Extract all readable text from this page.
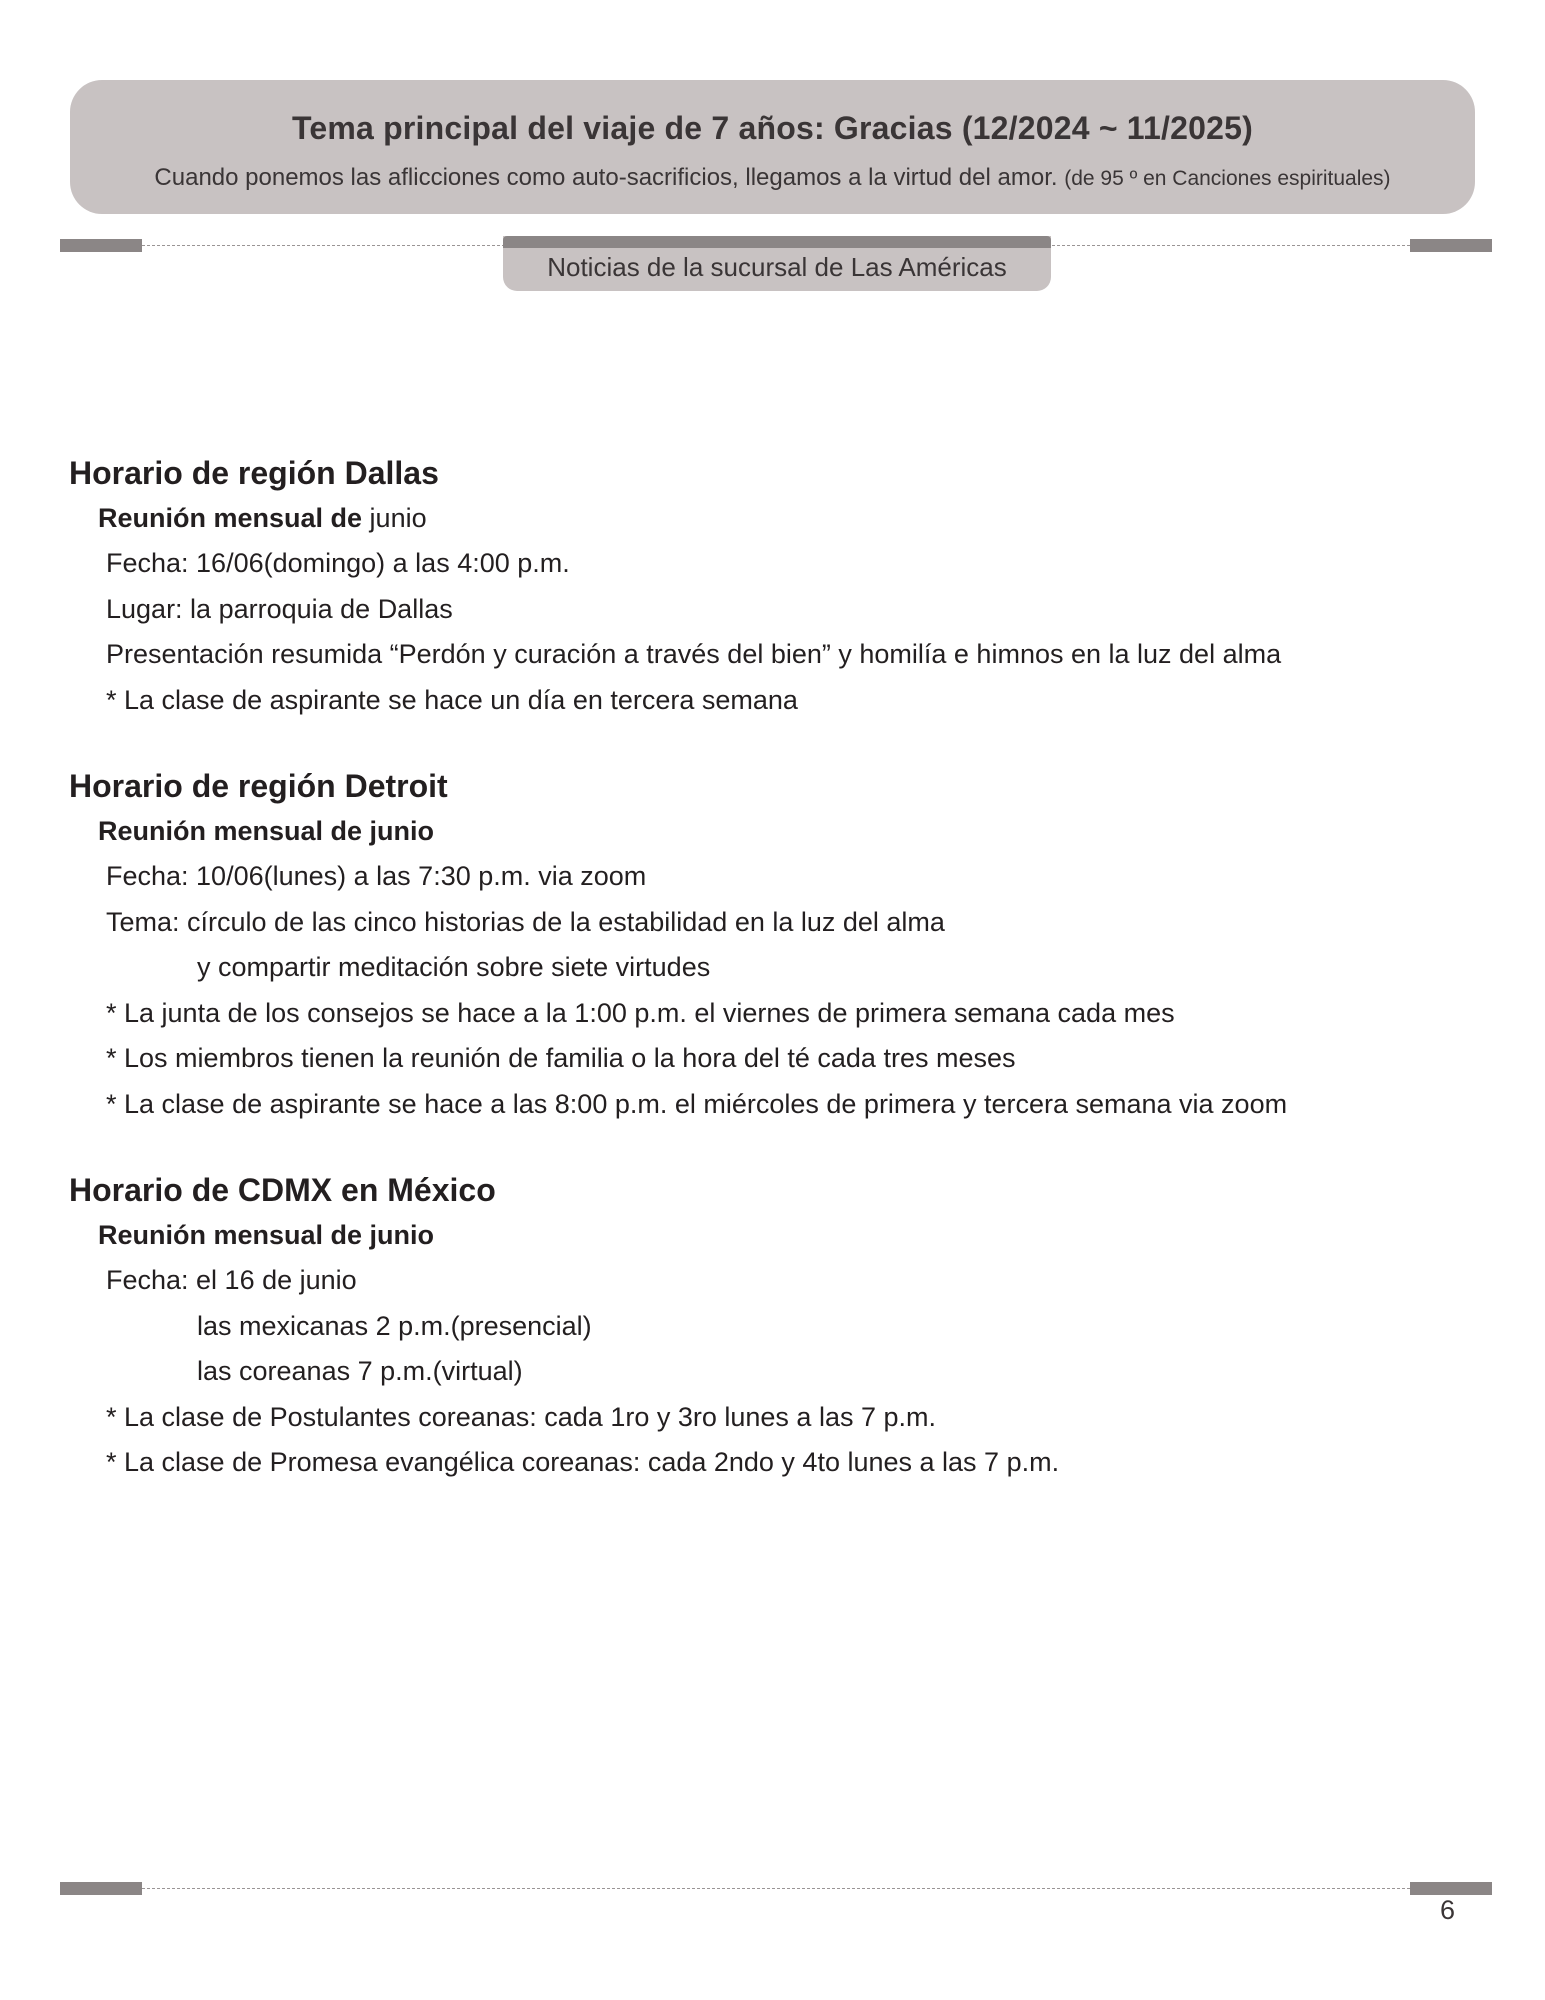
Tema principal del viaje de 7 años: Gracias (12/2024 ~ 11/2025)
Cuando ponemos las aflicciones como auto-sacrificios, llegamos a la virtud del amor. (de 95 º en Canciones espirituales)
Noticias de la sucursal de Las Américas
Horario de región Dallas
Reunión mensual de junio
Fecha: 16/06(domingo) a las 4:00 p.m.
Lugar: la parroquia de Dallas
Presentación resumida “Perdón y curación a través del bien” y homilía e himnos en la luz del alma
* La clase de aspirante se hace un día en tercera semana
Horario de región Detroit
Reunión mensual de junio
Fecha: 10/06(lunes) a las 7:30 p.m. via zoom
Tema: círculo de las cinco historias de la estabilidad en la luz del alma
y compartir meditación sobre siete virtudes
* La junta de los consejos se hace a la 1:00 p.m. el viernes de primera semana cada mes
* Los miembros tienen la reunión de familia o la hora del té cada tres meses
* La clase de aspirante se hace a las 8:00 p.m. el miércoles de primera y tercera semana via zoom
Horario de CDMX en México
Reunión mensual de junio
Fecha: el 16 de junio
las mexicanas 2 p.m.(presencial)
las coreanas 7 p.m.(virtual)
* La clase de Postulantes coreanas: cada 1ro y 3ro lunes a las 7 p.m.
* La clase de Promesa evangélica coreanas: cada 2ndo y 4to lunes a las 7 p.m.
6
